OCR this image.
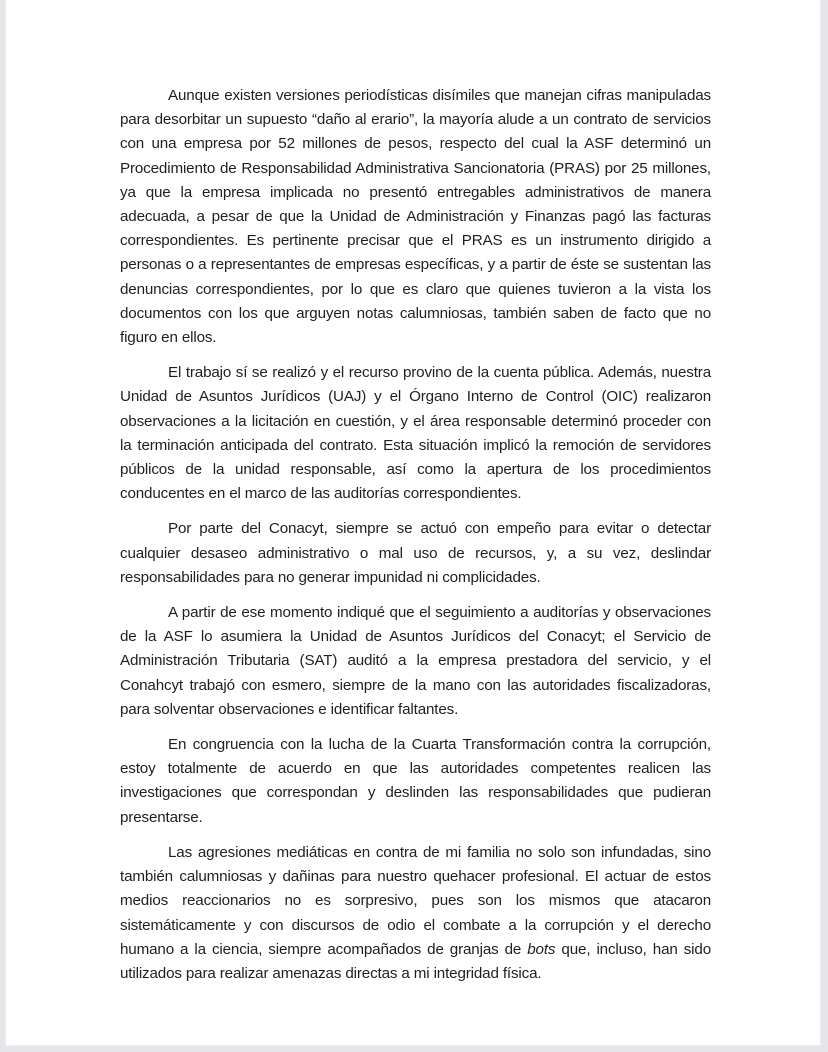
Aunque existen versiones periodísticas disímiles que manejan cifras manipuladas para desorbitar un supuesto “daño al erario”, la mayoría alude a un contrato de servicios con una empresa por 52 millones de pesos, respecto del cual la ASF determinó un Procedimiento de Responsabilidad Administrativa Sancionatoria (PRAS) por 25 millones, ya que la empresa implicada no presentó entregables administrativos de manera adecuada, a pesar de que la Unidad de Administración y Finanzas pagó las facturas correspondientes. Es pertinente precisar que el PRAS es un instrumento dirigido a personas o a representantes de empresas específicas, y a partir de éste se sustentan las denuncias correspondientes, por lo que es claro que quienes tuvieron a la vista los documentos con los que arguyen notas calumniosas, también saben de facto que no figuro en ellos.

El trabajo sí se realizó y el recurso provino de la cuenta pública. Además, nuestra Unidad de Asuntos Jurídicos (UAJ) y el Órgano Interno de Control (OIC) realizaron observaciones a la licitación en cuestión, y el área responsable determinó proceder con la terminación anticipada del contrato. Esta situación implicó la remoción de servidores públicos de la unidad responsable, así como la apertura de los procedimientos conducentes en el marco de las auditorías correspondientes.

Por parte del Conacyt, siempre se actuó con empeño para evitar o detectar cualquier desaseo administrativo o mal uso de recursos, y, a su vez, deslindar responsabilidades para no generar impunidad ni complicidades.

A partir de ese momento indiqué que el seguimiento a auditorías y observaciones de la ASF lo asumiera la Unidad de Asuntos Jurídicos del Conacyt; el Servicio de Administración Tributaria (SAT) auditó a la empresa prestadora del servicio, y el Conahcyt trabajó con esmero, siempre de la mano con las autoridades fiscalizadoras, para solventar observaciones e identificar faltantes.

En congruencia con la lucha de la Cuarta Transformación contra la corrupción, estoy totalmente de acuerdo en que las autoridades competentes realicen las investigaciones que correspondan y deslinden las responsabilidades que pudieran presentarse.

Las agresiones mediáticas en contra de mi familia no solo son infundadas, sino también calumniosas y dañinas para nuestro quehacer profesional. El actuar de estos medios reaccionarios no es sorpresivo, pues son los mismos que atacaron sistemáticamente y con discursos de odio el combate a la corrupción y el derecho humano a la ciencia, siempre acompañados de granjas de bots que, incluso, han sido utilizados para realizar amenazas directas a mi integridad física.
